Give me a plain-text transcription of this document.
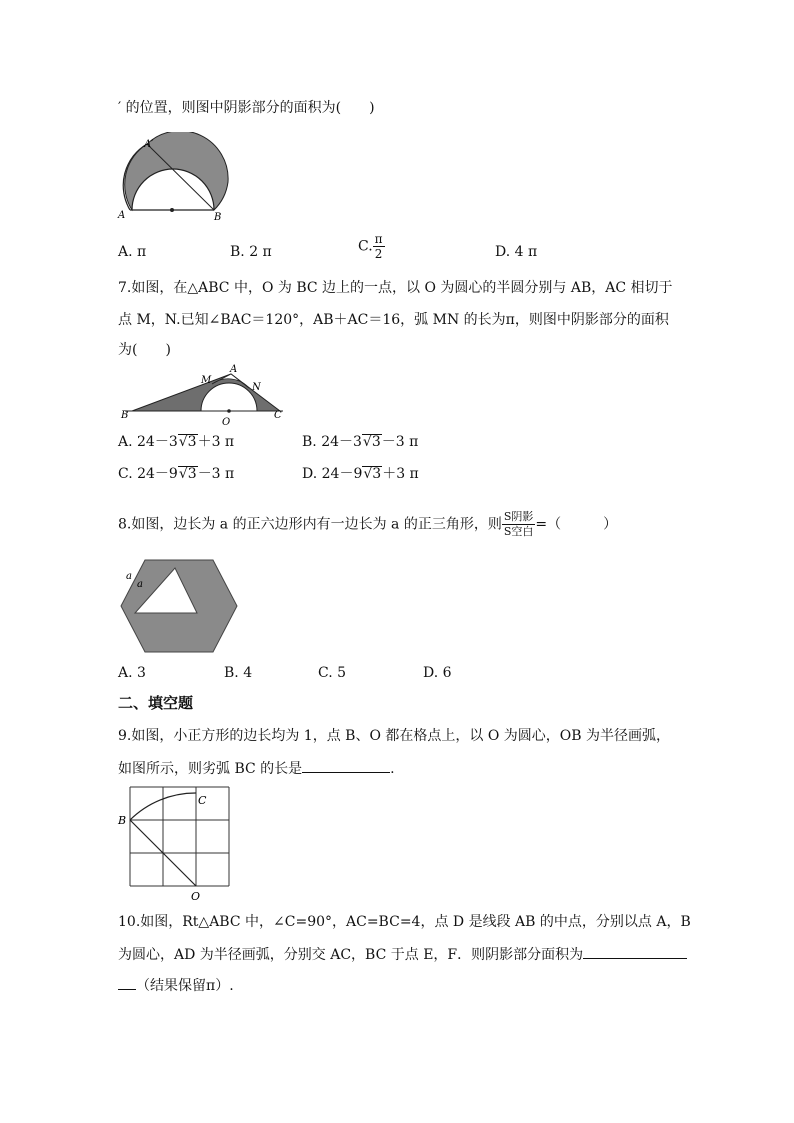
′ 的位置，则图中阴影部分的面积为(　　)
A′
A	B
A. π	B. 2 π	C. $\frac{\pi}{2}$	D. 4 π
7.如图，在△ABC 中，O 为 BC 边上的一点，以 O 为圆心的半圆分别与 AB，AC 相切于
点 M，N.已知∠BAC＝120°，AB＋AC＝16，弧 MN 的长为π，则图中阴影部分的面积
为(　　)
B
M
A
N
O
C
A. 24－3√3＋3 π	B. 24－3√3－3 π
C. 24－9√3－3 π	D. 24－9√3＋3 π
8.如图，边长为 a 的正六边形内有一边长为 a 的正三角形，则 $\frac{\text{S阴影}}{\text{S空白}}$ =（　　　）
a
a
A. 3	B. 4	C. 5	D. 6
二、填空题
9.如图，小正方形的边长均为 1，点 B、O 都在格点上，以 O 为圆心，OB 为半径画弧，
如图所示，则劣弧 BC 的长是	.
B
C
O
10.如图，Rt△ABC 中，∠C=90°，AC=BC=4，点 D 是线段 AB 的中点，分别以点 A，B
为圆心，AD 为半径画弧，分别交 AC，BC 于点 E，F．则阴影部分面积为
（结果保留π）.
